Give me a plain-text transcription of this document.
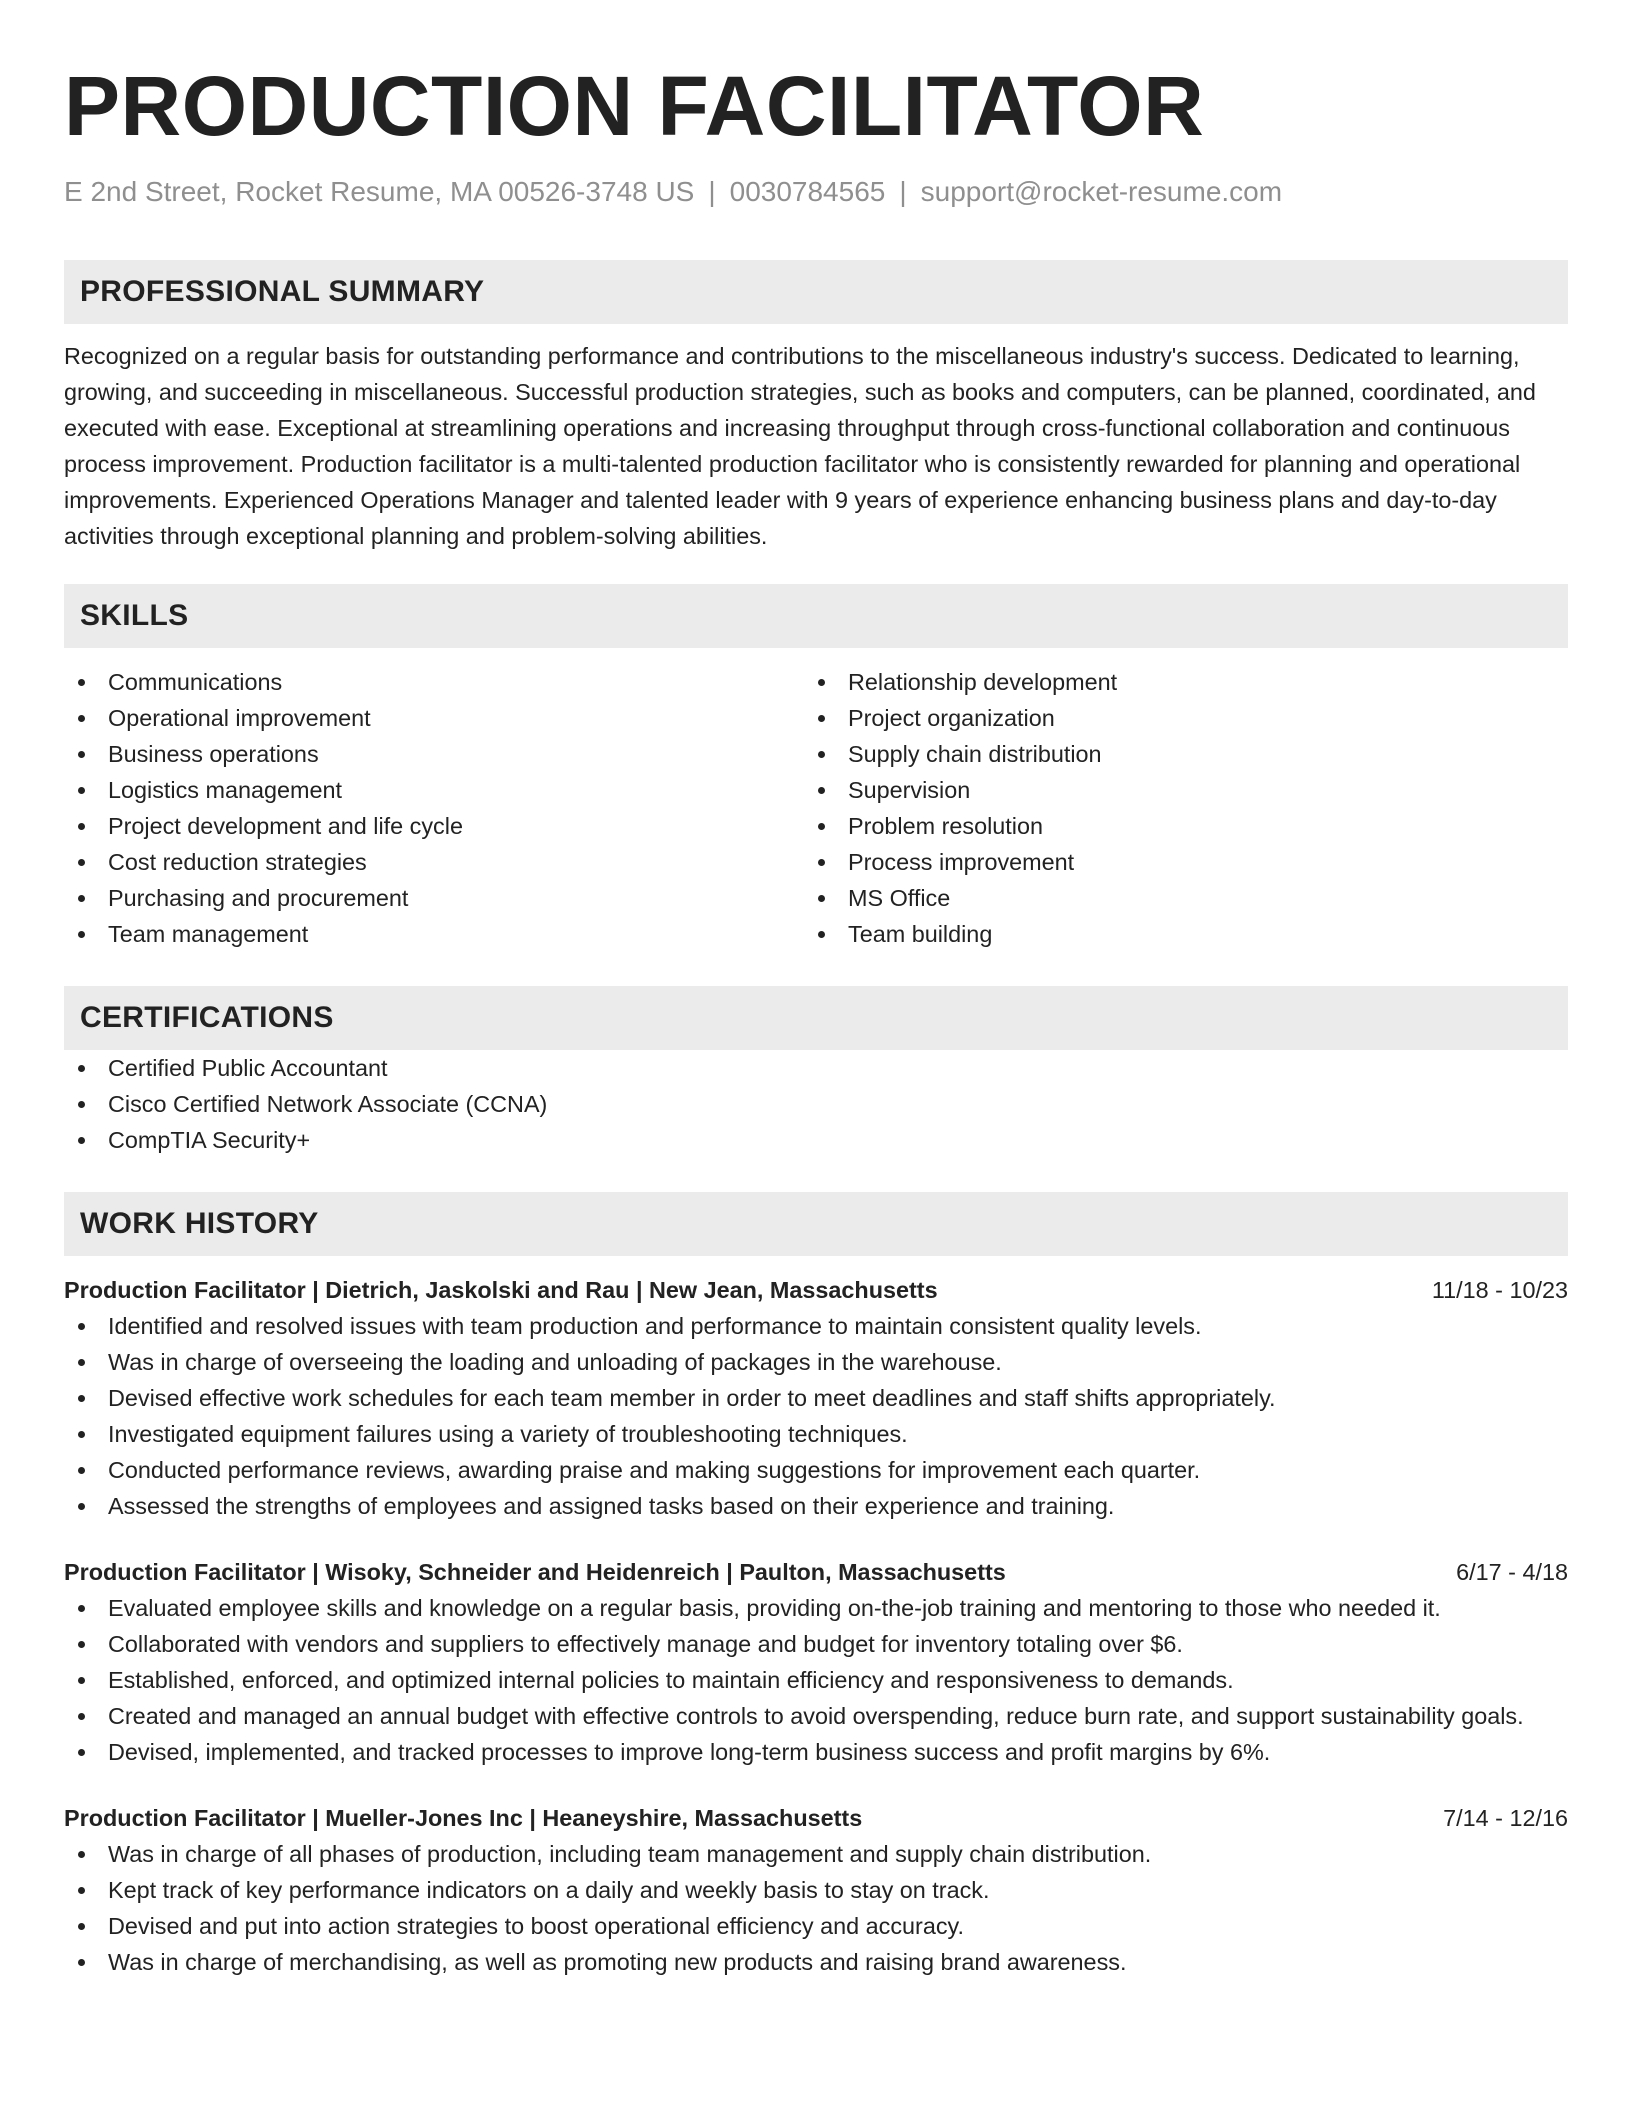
PRODUCTION FACILITATOR
E 2nd Street, Rocket Resume, MA 00526-3748 US | 0030784565 | support@rocket-resume.com
PROFESSIONAL SUMMARY

Recognized on a regular basis for outstanding performance and contributions to the miscellaneous industry's success. Dedicated to learning, growing, and succeeding in miscellaneous. Successful production strategies, such as books and computers, can be planned, coordinated, and executed with ease. Exceptional at streamlining operations and increasing throughput through cross-functional collaboration and continuous process improvement. Production facilitator is a multi-talented production facilitator who is consistently rewarded for planning and operational improvements. Experienced Operations Manager and talented leader with 9 years of experience enhancing business plans and day-to-day activities through exceptional planning and problem-solving abilities.

SKILLS
Communications
Operational improvement
Business operations
Logistics management
Project development and life cycle
Cost reduction strategies
Purchasing and procurement
Team management
Relationship development
Project organization
Supply chain distribution
Supervision
Problem resolution
Process improvement
MS Office
Team building
CERTIFICATIONS
Certified Public Accountant
Cisco Certified Network Associate (CCNA)
CompTIA Security+
WORK HISTORY
Production Facilitator | Dietrich, Jaskolski and Rau | New Jean, Massachusetts	11/18 - 10/23
Identified and resolved issues with team production and performance to maintain consistent quality levels.
Was in charge of overseeing the loading and unloading of packages in the warehouse.
Devised effective work schedules for each team member in order to meet deadlines and staff shifts appropriately.
Investigated equipment failures using a variety of troubleshooting techniques.
Conducted performance reviews, awarding praise and making suggestions for improvement each quarter.
Assessed the strengths of employees and assigned tasks based on their experience and training.
Production Facilitator | Wisoky, Schneider and Heidenreich | Paulton, Massachusetts	6/17 - 4/18
Evaluated employee skills and knowledge on a regular basis, providing on-the-job training and mentoring to those who needed it.
Collaborated with vendors and suppliers to effectively manage and budget for inventory totaling over $6.
Established, enforced, and optimized internal policies to maintain efficiency and responsiveness to demands.
Created and managed an annual budget with effective controls to avoid overspending, reduce burn rate, and support sustainability goals.
Devised, implemented, and tracked processes to improve long-term business success and profit margins by 6%.
Production Facilitator | Mueller-Jones Inc | Heaneyshire, Massachusetts	7/14 - 12/16
Was in charge of all phases of production, including team management and supply chain distribution.
Kept track of key performance indicators on a daily and weekly basis to stay on track.
Devised and put into action strategies to boost operational efficiency and accuracy.
Was in charge of merchandising, as well as promoting new products and raising brand awareness.
